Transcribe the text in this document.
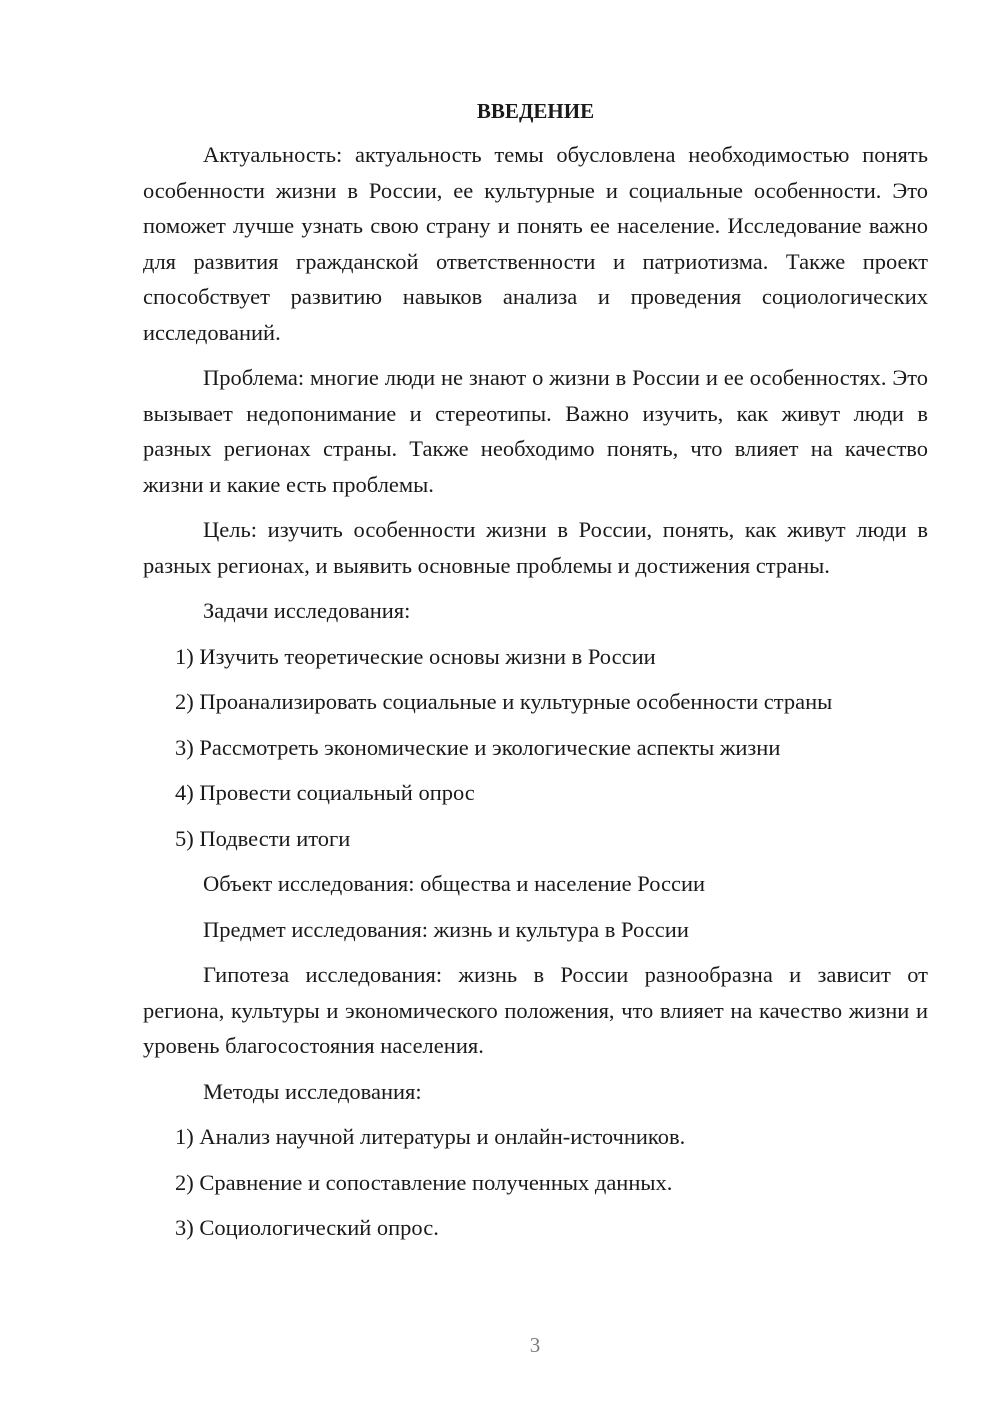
ВВЕДЕНИЕ

Актуальность: актуальность темы обусловлена необходимостью понять особенности жизни в России, ее культурные и социальные особенности. Это поможет лучше узнать свою страну и понять ее население. Исследование важно для развития гражданской ответственности и патриотизма. Также проект способствует развитию навыков анализа и проведения социологических исследований.

Проблема: многие люди не знают о жизни в России и ее особенностях. Это вызывает недопонимание и стереотипы. Важно изучить, как живут люди в разных регионах страны. Также необходимо понять, что влияет на качество жизни и какие есть проблемы.

Цель: изучить особенности жизни в России, понять, как живут люди в разных регионах, и выявить основные проблемы и достижения страны.

Задачи исследования:
1) Изучить теоретические основы жизни в России
2) Проанализировать социальные и культурные особенности страны
3) Рассмотреть экономические и экологические аспекты жизни
4) Провести социальный опрос
5) Подвести итоги
Объект исследования: общества и население России
Предмет исследования: жизнь и культура в России

Гипотеза исследования: жизнь в России разнообразна и зависит от региона, культуры и экономического положения, что влияет на качество жизни и уровень благосостояния населения.

Методы исследования:
1) Анализ научной литературы и онлайн-источников.
2) Сравнение и сопоставление полученных данных.
3) Социологический опрос.
3
